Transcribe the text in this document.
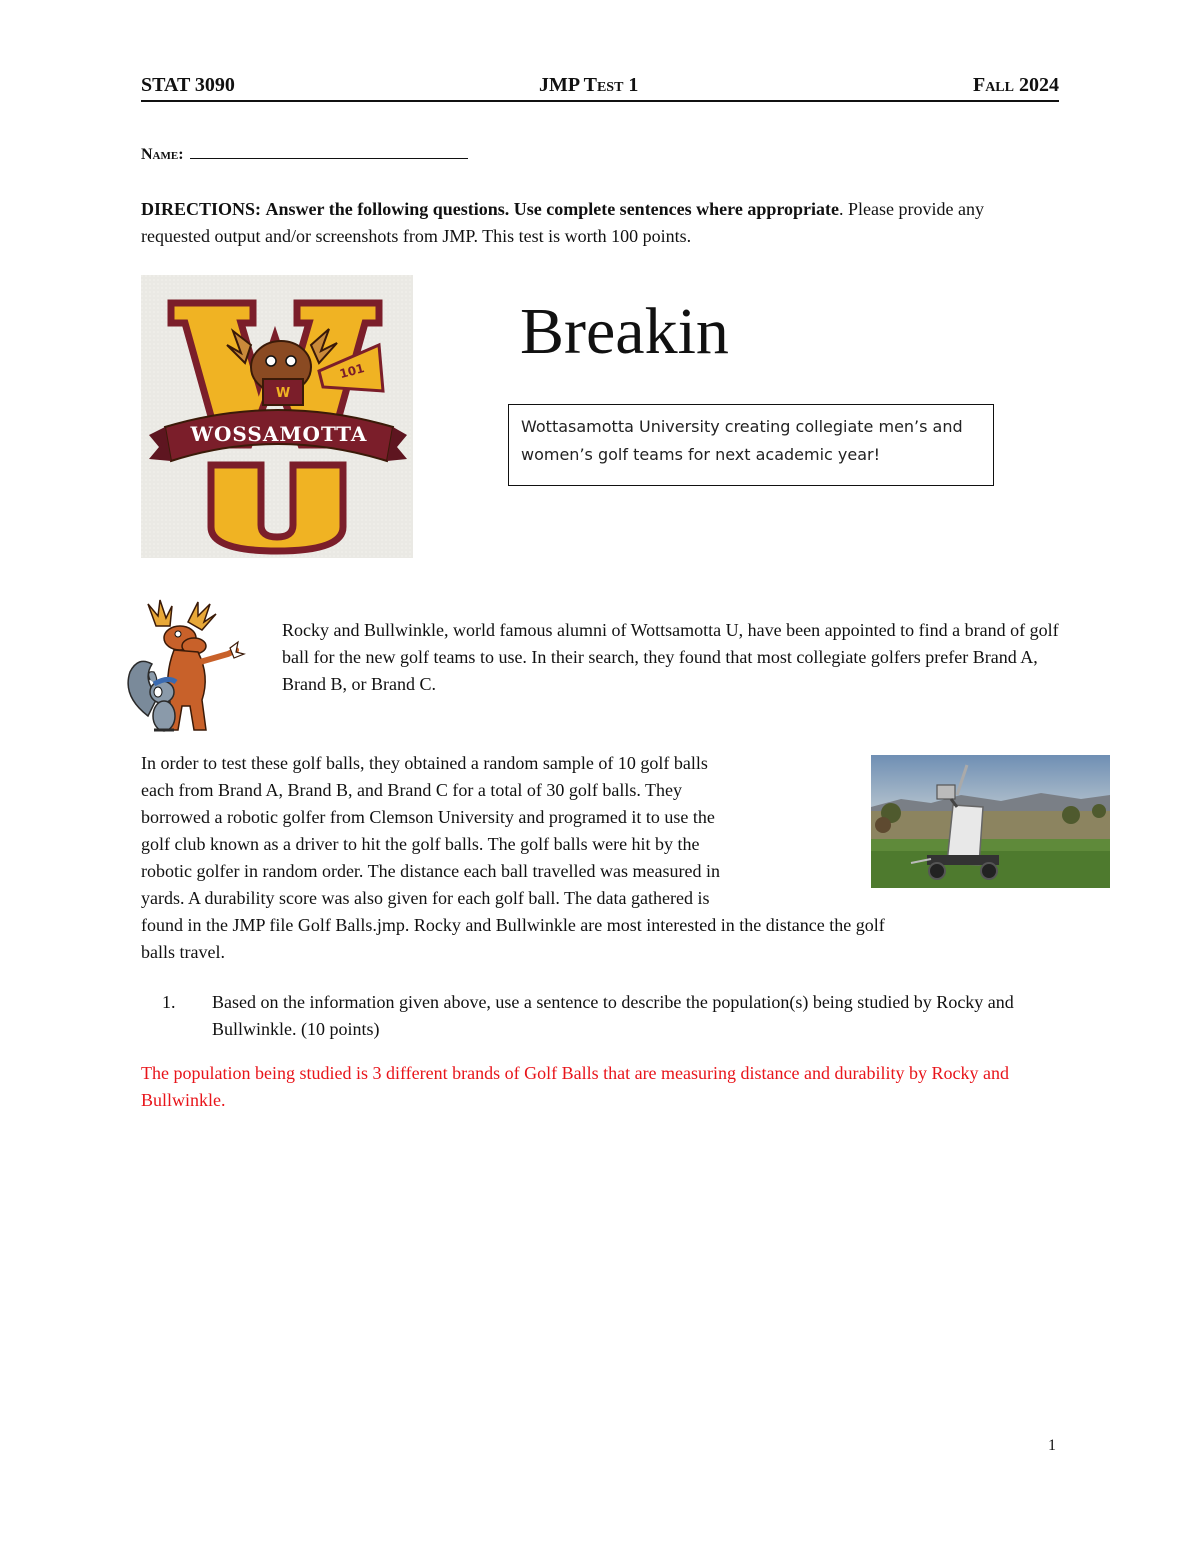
STAT 3090	JMP Test 1	Fall 2024
Name:
DIRECTIONS: Answer the following questions. Use complete sentences where appropriate. Please provide any requested output and/or screenshots from JMP. This test is worth 100 points.
W
101
WOSSAMOTTA
Breakin
Wottasamotta University creating collegiate men’s and women’s golf teams for next academic year!
Rocky and Bullwinkle, world famous alumni of Wottsamotta U, have been appointed to find a brand of golf ball for the new golf teams to use. In their search, they found that most collegiate golfers prefer Brand A, Brand B, or Brand C.
In order to test these golf balls, they obtained a random sample of 10 golf balls
each from Brand A, Brand B, and Brand C for a total of 30 golf balls. They
borrowed a robotic golfer from Clemson University and programed it to use the
golf club known as a driver to hit the golf balls. The golf balls were hit by the
robotic golfer in random order. The distance each ball travelled was measured in
yards. A durability score was also given for each golf ball. The data gathered is
found in the JMP file Golf Balls.jmp. Rocky and Bullwinkle are most interested in the distance the golf
balls travel.
1. Based on the information given above, use a sentence to describe the population(s) being studied by Rocky and Bullwinkle. (10 points)
The population being studied is 3 different brands of Golf Balls that are measuring distance and durability by Rocky and Bullwinkle.
1
